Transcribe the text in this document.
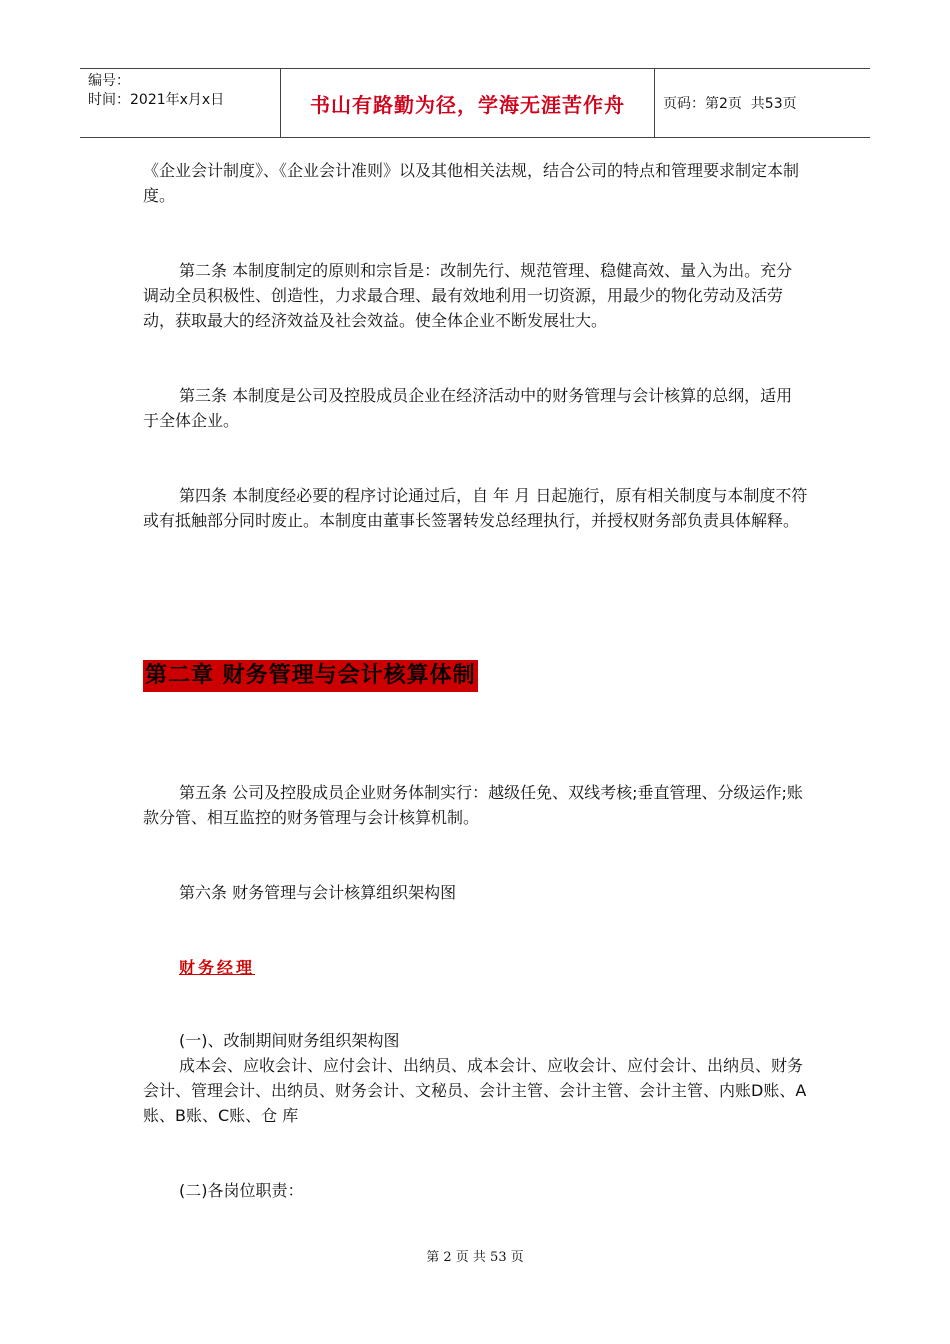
编号：
时间：2021年x月x日	书山有路勤为径，学海无涯苦作舟	页码：第2页  共53页

《企业会计制度》、《企业会计准则》以及其他相关法规，结合公司的特点和管理要求制定本制度。

第二条 本制度制定的原则和宗旨是：改制先行、规范管理、稳健高效、量入为出。充分调动全员积极性、创造性，力求最合理、最有效地利用一切资源，用最少的物化劳动及活劳动，获取最大的经济效益及社会效益。使全体企业不断发展壮大。

第三条 本制度是公司及控股成员企业在经济活动中的财务管理与会计核算的总纲，适用于全体企业。

第四条 本制度经必要的程序讨论通过后，自 年 月 日起施行，原有相关制度与本制度不符或有抵触部分同时废止。本制度由董事长签署转发总经理执行，并授权财务部负责具体解释。

第二章 财务管理与会计核算体制

第五条 公司及控股成员企业财务体制实行：越级任免、双线考核;垂直管理、分级运作;账款分管、相互监控的财务管理与会计核算机制。

第六条 财务管理与会计核算组织架构图

财务经理

(一)、改制期间财务组织架构图

成本会、应收会计、应付会计、出纳员、成本会计、应收会计、应付会计、出纳员、财务会计、管理会计、出纳员、财务会计、文秘员、会计主管、会计主管、会计主管、内账D账、A账、B账、C账、仓 库

(二)各岗位职责：

第 2 页 共 53 页
